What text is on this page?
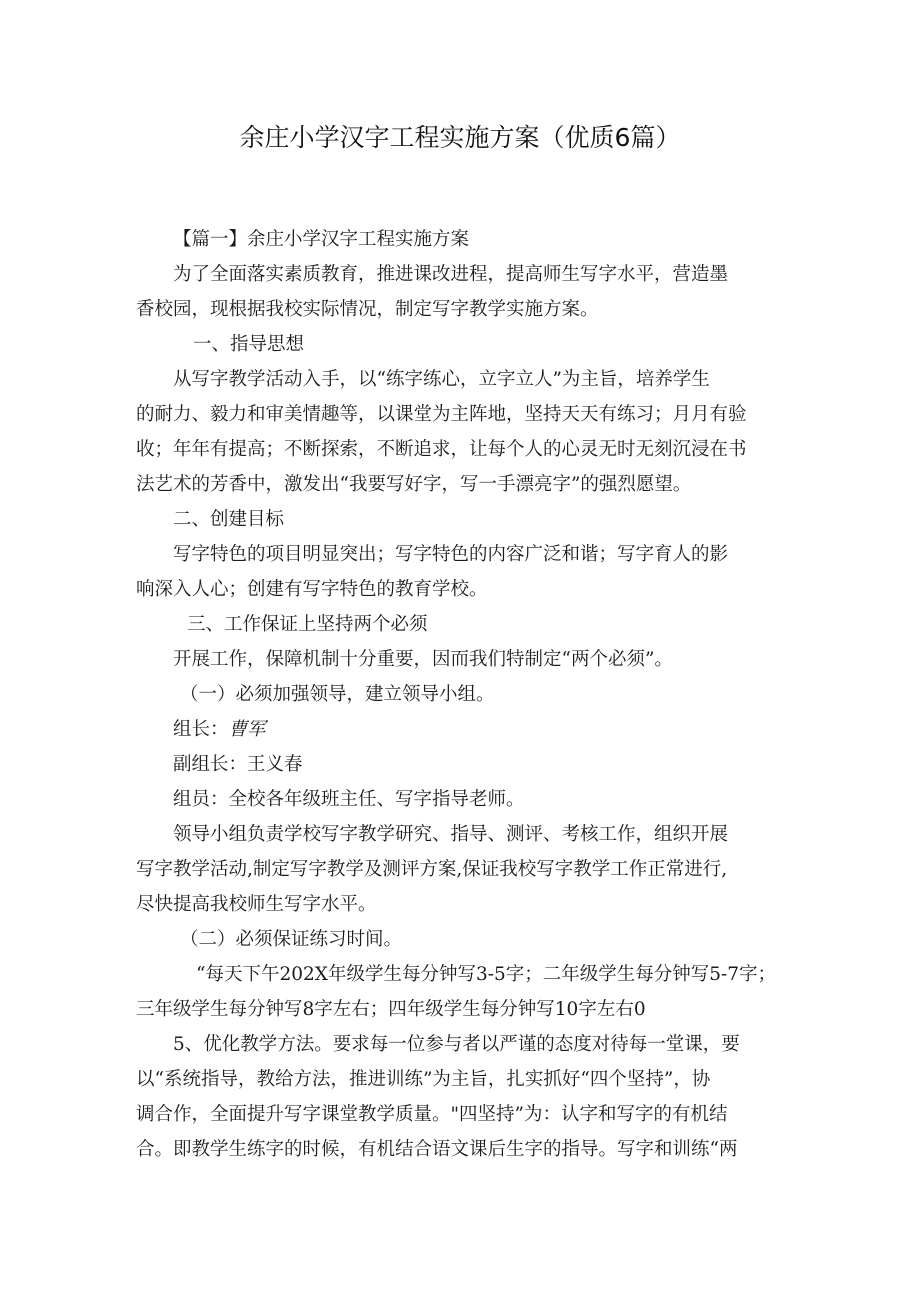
余庄小学汉字工程实施方案（优质6篇）

【篇一】余庄小学汉字工程实施方案

为了全面落实素质教育，推进课改进程，提高师生写字水平，营造墨

香校园，现根据我校实际情况，制定写字教学实施方案。

一、指导思想

从写字教学活动入手，以“练字练心，立字立人”为主旨，培养学生

的耐力、毅力和审美情趣等，以课堂为主阵地，坚持天天有练习；月月有验

收；年年有提高；不断探索，不断追求，让每个人的心灵无时无刻沉浸在书

法艺术的芳香中，激发出“我要写好字，写一手漂亮字”的强烈愿望。

二、创建目标

写字特色的项目明显突出；写字特色的内容广泛和谐；写字育人的影

响深入人心；创建有写字特色的教育学校。

三、工作保证上坚持两个必须

开展工作，保障机制十分重要，因而我们特制定“两个必须”。

（一）必须加强领导，建立领导小组。

组长：曹军

副组长：王义春

组员：全校各年级班主任、写字指导老师。

领导小组负责学校写字教学研究、指导、测评、考核工作，组织开展

写字教学活动,制定写字教学及测评方案,保证我校写字教学工作正常进行,

尽快提高我校师生写字水平。

（二）必须保证练习时间。

“每天下午202X年级学生每分钟写3-5字；二年级学生每分钟写5-7字；

三年级学生每分钟写8字左右；四年级学生每分钟写10字左右0

5、优化教学方法。要求每一位参与者以严谨的态度对待每一堂课，要

以“系统指导，教给方法，推进训练”为主旨，扎实抓好“四个坚持”，协

调合作，全面提升写字课堂教学质量。"四坚持”为：认字和写字的有机结

合。即教学生练字的时候，有机结合语文课后生字的指导。写字和训练“两
